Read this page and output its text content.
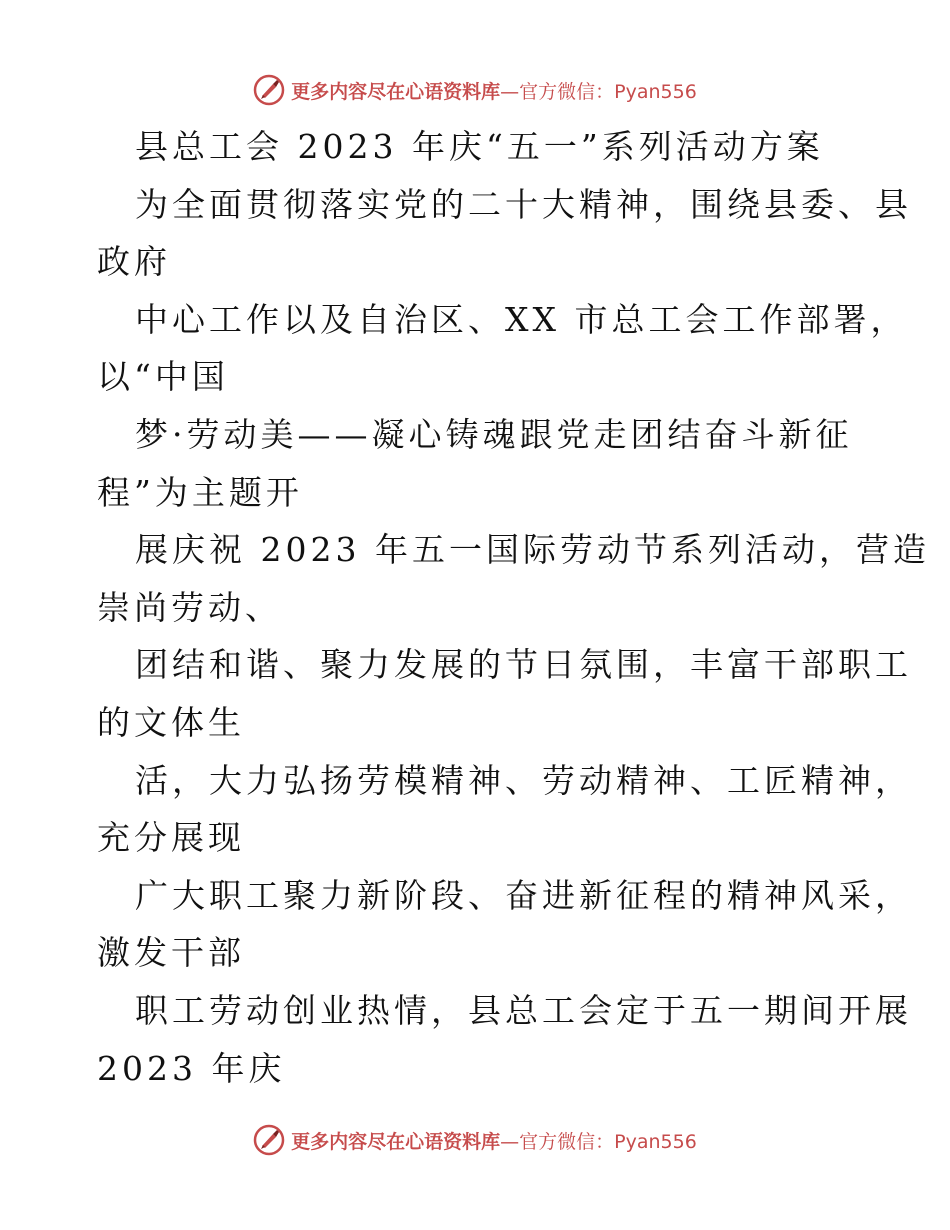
更多内容尽在心语资料库—官方微信：Pyan556
县总工会 2023 年庆“五一”系列活动方案
为全面贯彻落实党的二十大精神，围绕县委、县
政府
中心工作以及自治区、XX 市总工会工作部署，
以“中国
梦·劳动美——凝心铸魂跟党走团结奋斗新征
程”为主题开
展庆祝 2023 年五一国际劳动节系列活动，营造
崇尚劳动、
团结和谐、聚力发展的节日氛围，丰富干部职工
的文体生
活，大力弘扬劳模精神、劳动精神、工匠精神，
充分展现
广大职工聚力新阶段、奋进新征程的精神风采，
激发干部
职工劳动创业热情，县总工会定于五一期间开展
2023 年庆
更多内容尽在心语资料库—官方微信：Pyan556
